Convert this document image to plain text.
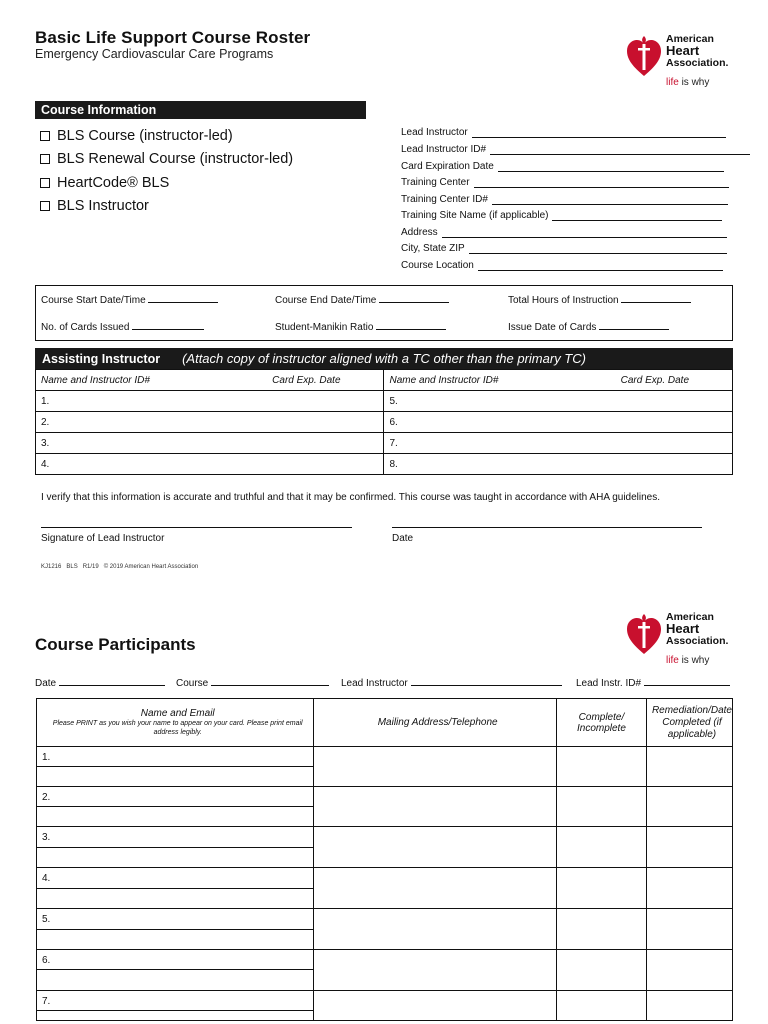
Basic Life Support Course Roster
Emergency Cardiovascular Care Programs
American
Heart
Association.
life is why
Course Information
BLS Course (instructor-led)
BLS Renewal Course (instructor-led)
HeartCode ® BLS
BLS Instructor
Lead Instructor
Lead Instructor ID#
Card Expiration Date
Training Center
Training Center ID#
Training Site Name (if applicable)
Address
City, State ZIP
Course Location
Course Start Date/Time	Course End Date/Time	Total Hours of Instruction
No. of Cards Issued	Student-Manikin Ratio	Issue Date of Cards
Assisting Instructor (Attach copy of instructor aligned with a TC other than the primary TC)
Name and Instructor ID#	Card Exp. Date	Name and Instructor ID#	Card Exp. Date
1.		5.	
2.		6.	
3.		7.	
4.		8.	
I verify that this information is accurate and truthful and that it may be confirmed. This course was taught in accordance with AHA guidelines.
Signature of Lead Instructor	Date
KJ1216   BLS   R1/19   © 2019 American Heart Association
Course Participants
American
Heart
Association.
life is why
Date	Course	Lead Instructor	Lead Instr. ID#
Name and Email
Please PRINT as you wish your name to appear on your card. Please print email address legibly.	Mailing Address/Telephone	Complete/ Incomplete	Remediation/Date Completed (if applicable)
1.			

2.			

3.			

4.			

5.			

6.			

7.			
